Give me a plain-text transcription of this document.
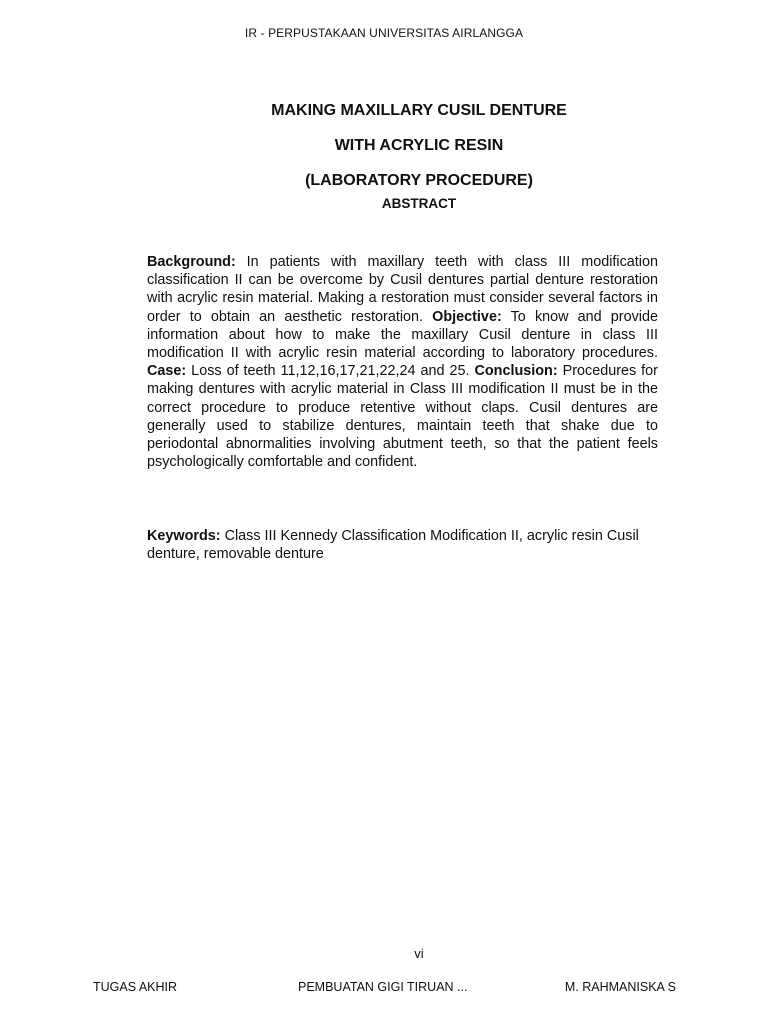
IR - PERPUSTAKAAN UNIVERSITAS AIRLANGGA
MAKING MAXILLARY CUSIL DENTURE
WITH ACRYLIC RESIN
(LABORATORY PROCEDURE)
ABSTRACT
Background: In patients with maxillary teeth with class III modification classification II can be overcome by Cusil dentures partial denture restoration with acrylic resin material. Making a restoration must consider several factors in order to obtain an aesthetic restoration. Objective: To know and provide information about how to make the maxillary Cusil denture in class III modification II with acrylic resin material according to laboratory procedures. Case: Loss of teeth 11,12,16,17,21,22,24 and 25. Conclusion: Procedures for making dentures with acrylic material in Class III modification II must be in the correct procedure to produce retentive without claps. Cusil dentures are generally used to stabilize dentures, maintain teeth that shake due to periodontal abnormalities involving abutment teeth, so that the patient feels psychologically comfortable and confident.
Keywords: Class III Kennedy Classification Modification II, acrylic resin Cusil denture, removable denture
vi
TUGAS AKHIR	PEMBUATAN GIGI TIRUAN ...	M. RAHMANISKA S
